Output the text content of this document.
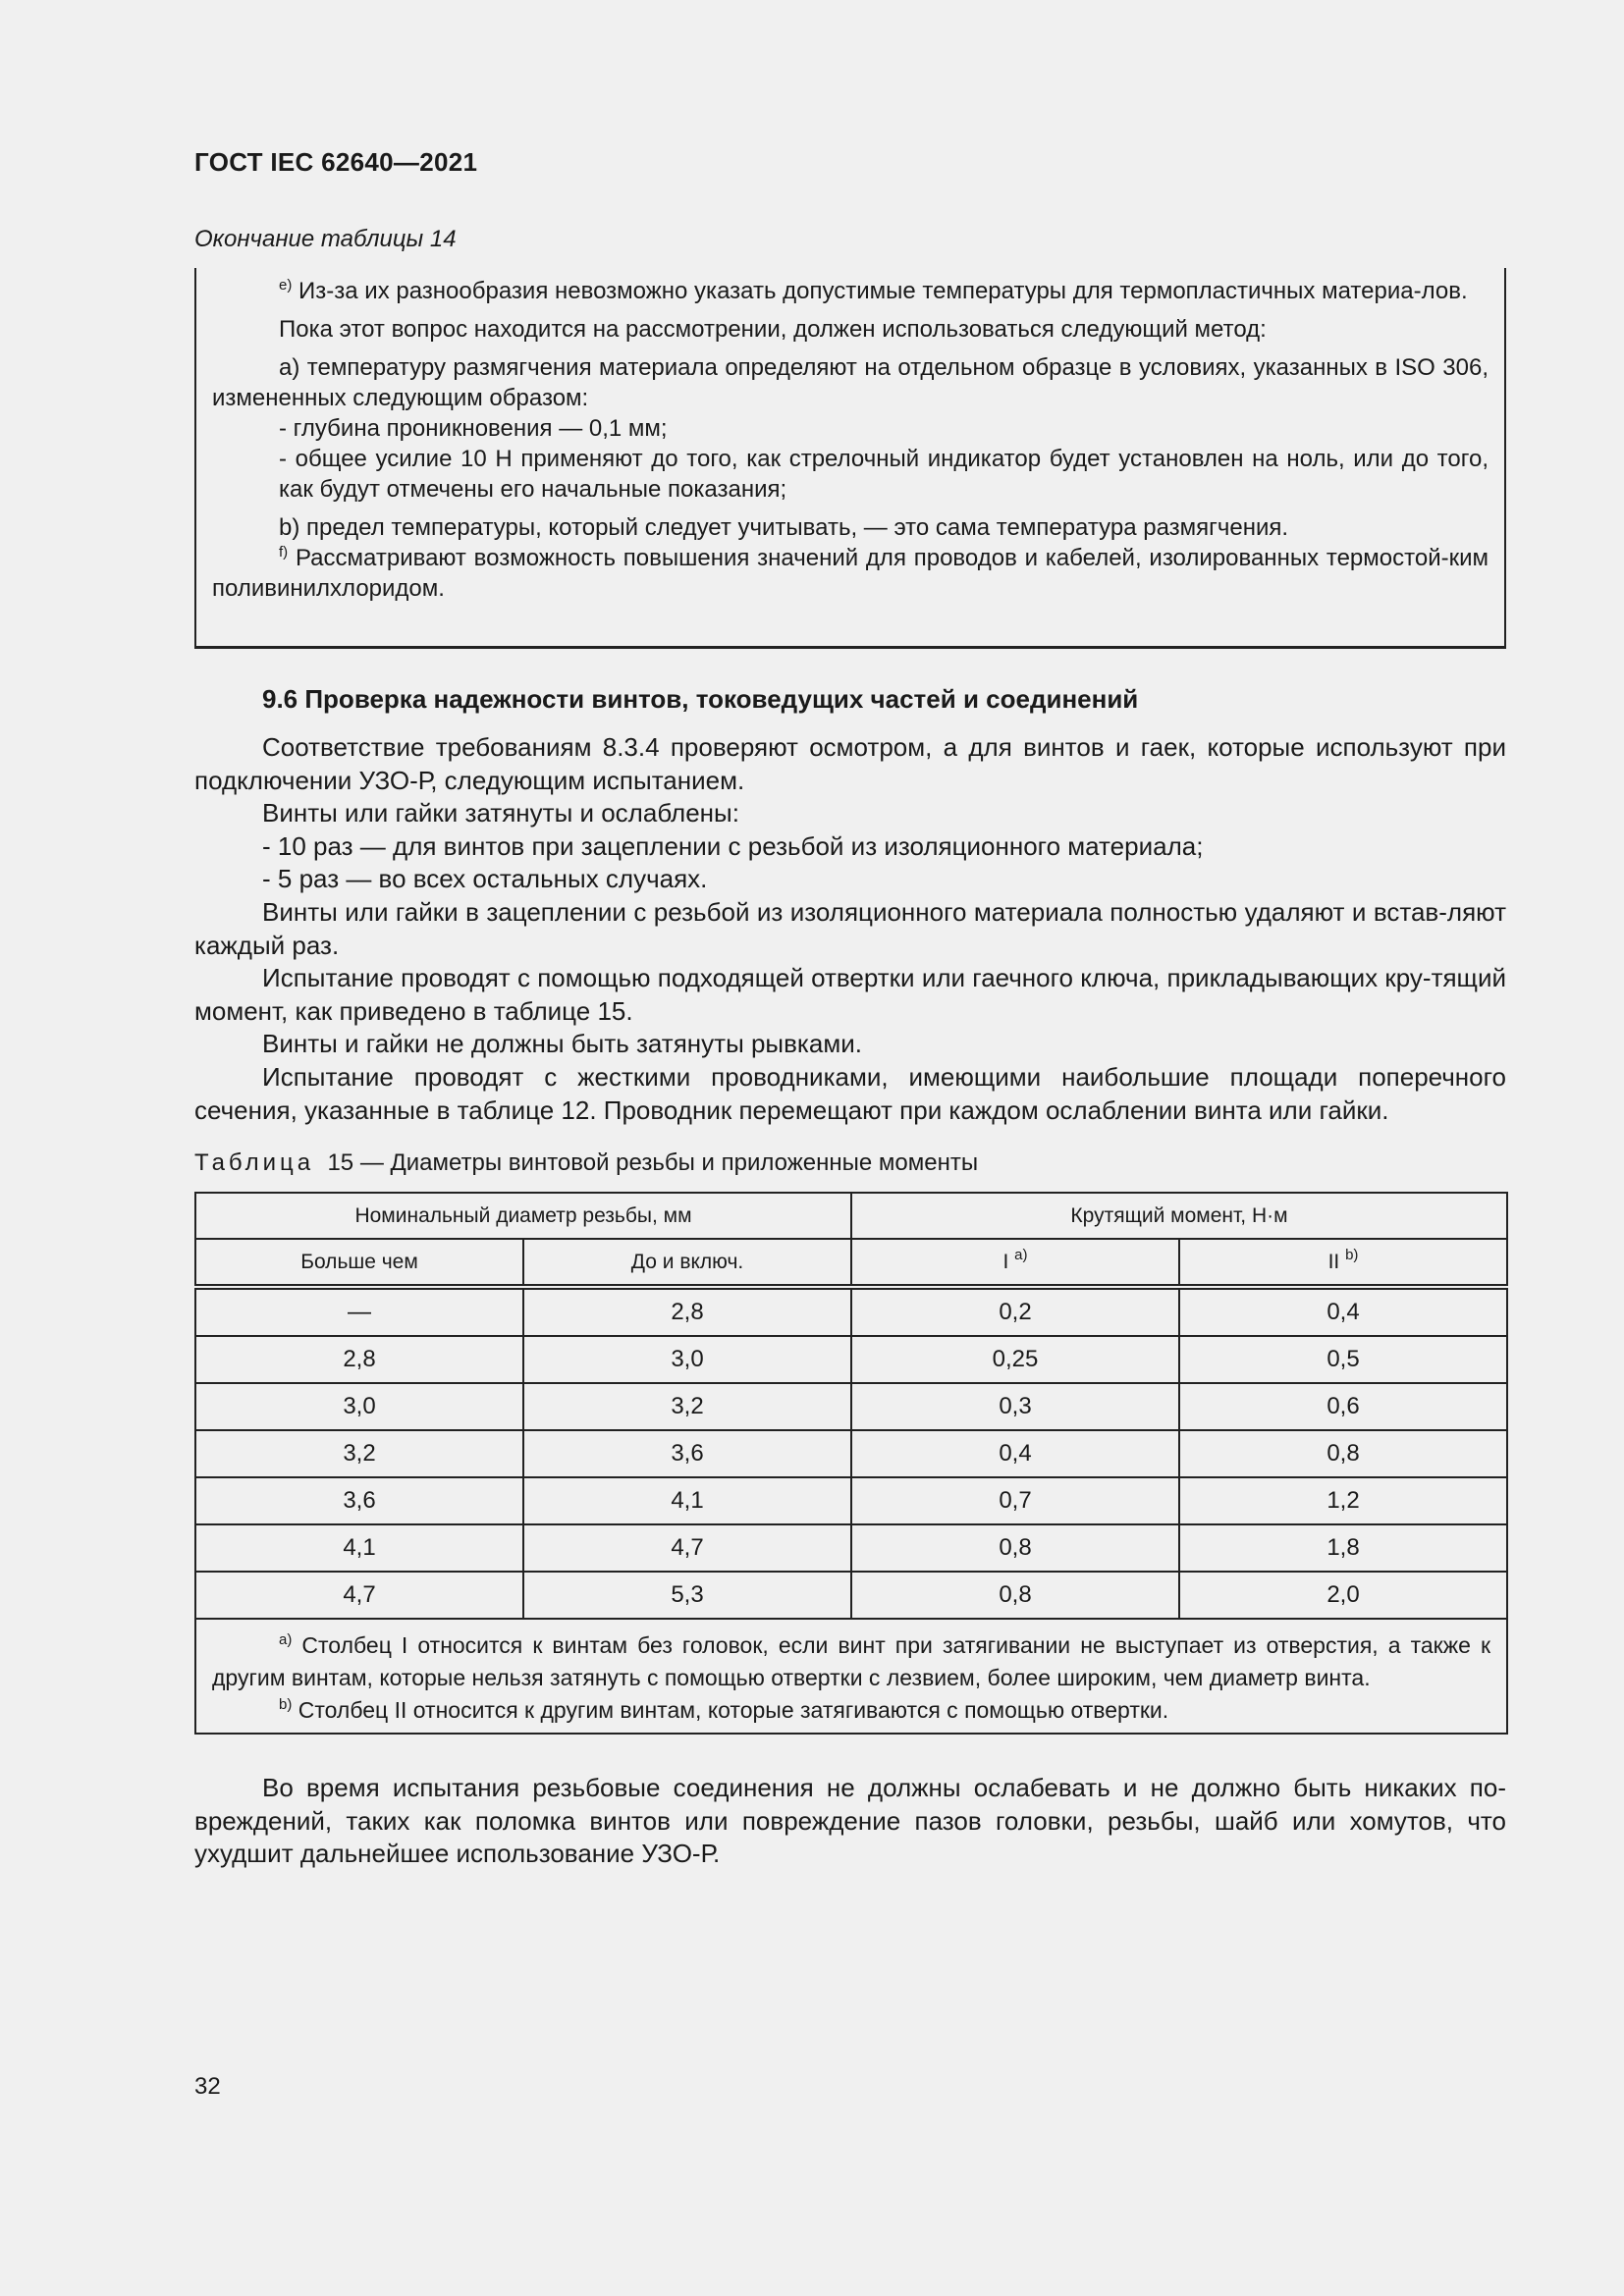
ГОСТ IEC 62640—2021
Окончание таблицы 14

$^{e)}$ Из-за их разнообразия невозможно указать допустимые температуры для термопластичных материа-лов.

Пока этот вопрос находится на рассмотрении, должен использоваться следующий метод:

а) температуру размягчения материала определяют на отдельном образце в условиях, указанных в ISO 306, измененных следующим образом:

- глубина проникновения — 0,1 мм;

- общее усилие 10 Н применяют до того, как стрелочный индикатор будет установлен на ноль, или до того, как будут отмечены его начальные показания;

b) предел температуры, который следует учитывать, — это сама температура размягчения.

$^{f)}$ Рассматривают возможность повышения значений для проводов и кабелей, изолированных термостой-ким поливинилхлоридом.

9.6 Проверка надежности винтов, токоведущих частей и соединений

Соответствие требованиям 8.3.4 проверяют осмотром, а для винтов и гаек, которые используют при подключении УЗО-Р, следующим испытанием.

Винты или гайки затянуты и ослаблены:

- 10 раз — для винтов при зацеплении с резьбой из изоляционного материала;

- 5 раз — во всех остальных случаях.

Винты или гайки в зацеплении с резьбой из изоляционного материала полностью удаляют и встав-ляют каждый раз.

Испытание проводят с помощью подходящей отвертки или гаечного ключа, прикладывающих кру-тящий момент, как приведено в таблице 15.

Винты и гайки не должны быть затянуты рывками.

Испытание проводят с жесткими проводниками, имеющими наибольшие площади поперечного сечения, указанные в таблице 12. Проводник перемещают при каждом ослаблении винта или гайки.

Таблица 15 — Диаметры винтовой резьбы и приложенные моменты
Номинальный диаметр резьбы, мм		Крутящий момент, Н·м	
Больше чем	До и включ.	I $^{a)}$	II $^{b)}$
—	2,8	0,2	0,4
2,8	3,0	0,25	0,5
3,0	3,2	0,3	0,6
3,2	3,6	0,4	0,8
3,6	4,1	0,7	1,2
4,1	4,7	0,8	1,8
4,7	5,3	0,8	2,0

$^{a)}$ Столбец I относится к винтам без головок, если винт при затягивании не выступает из отверстия, а также к другим винтам, которые нельзя затянуть с помощью отвертки с лезвием, более широким, чем диаметр винта.

$^{b)}$ Столбец II относится к другим винтам, которые затягиваются с помощью отвертки.			

Во время испытания резьбовые соединения не должны ослабевать и не должно быть никаких по-вреждений, таких как поломка винтов или повреждение пазов головки, резьбы, шайб или хомутов, что ухудшит дальнейшее использование УЗО-Р.

32
